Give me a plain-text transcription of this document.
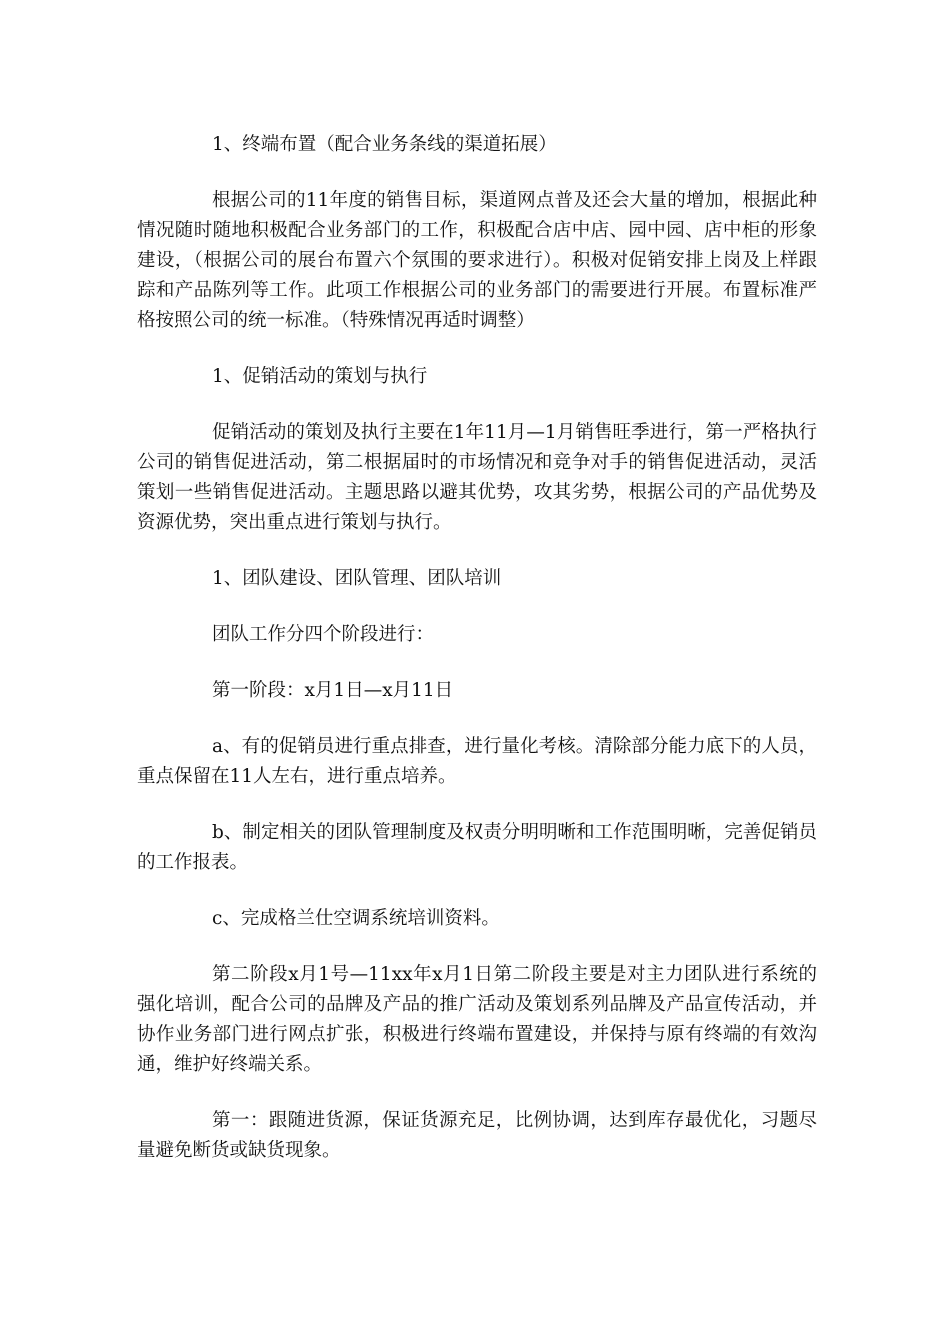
1、终端布置（配合业务条线的渠道拓展）

根据公司的11年度的销售目标，渠道网点普及还会大量的增加，根据此种情况随时随地积极配合业务部门的工作，积极配合店中店、园中园、店中柜的形象建设，（根据公司的展台布置六个氛围的要求进行）。积极对促销安排上岗及上样跟踪和产品陈列等工作。此项工作根据公司的业务部门的需要进行开展。布置标准严格按照公司的统一标准。（特殊情况再适时调整）

1、促销活动的策划与执行

促销活动的策划及执行主要在1年11月—1月销售旺季进行，第一严格执行公司的销售促进活动，第二根据届时的市场情况和竞争对手的销售促进活动，灵活策划一些销售促进活动。主题思路以避其优势，攻其劣势，根据公司的产品优势及资源优势，突出重点进行策划与执行。

1、团队建设、团队管理、团队培训

团队工作分四个阶段进行：

第一阶段：x月1日—x月11日

a、有的促销员进行重点排查，进行量化考核。清除部分能力底下的人员，重点保留在11人左右，进行重点培养。

b、制定相关的团队管理制度及权责分明明晰和工作范围明晰，完善促销员的工作报表。

c、完成格兰仕空调系统培训资料。

第二阶段x月1号—11xx年x月1日第二阶段主要是对主力团队进行系统的强化培训，配合公司的品牌及产品的推广活动及策划系列品牌及产品宣传活动，并协作业务部门进行网点扩张，积极进行终端布置建设，并保持与原有终端的有效沟通，维护好终端关系。

第一：跟随进货源，保证货源充足，比例协调，达到库存最优化，习题尽量避免断货或缺货现象。
